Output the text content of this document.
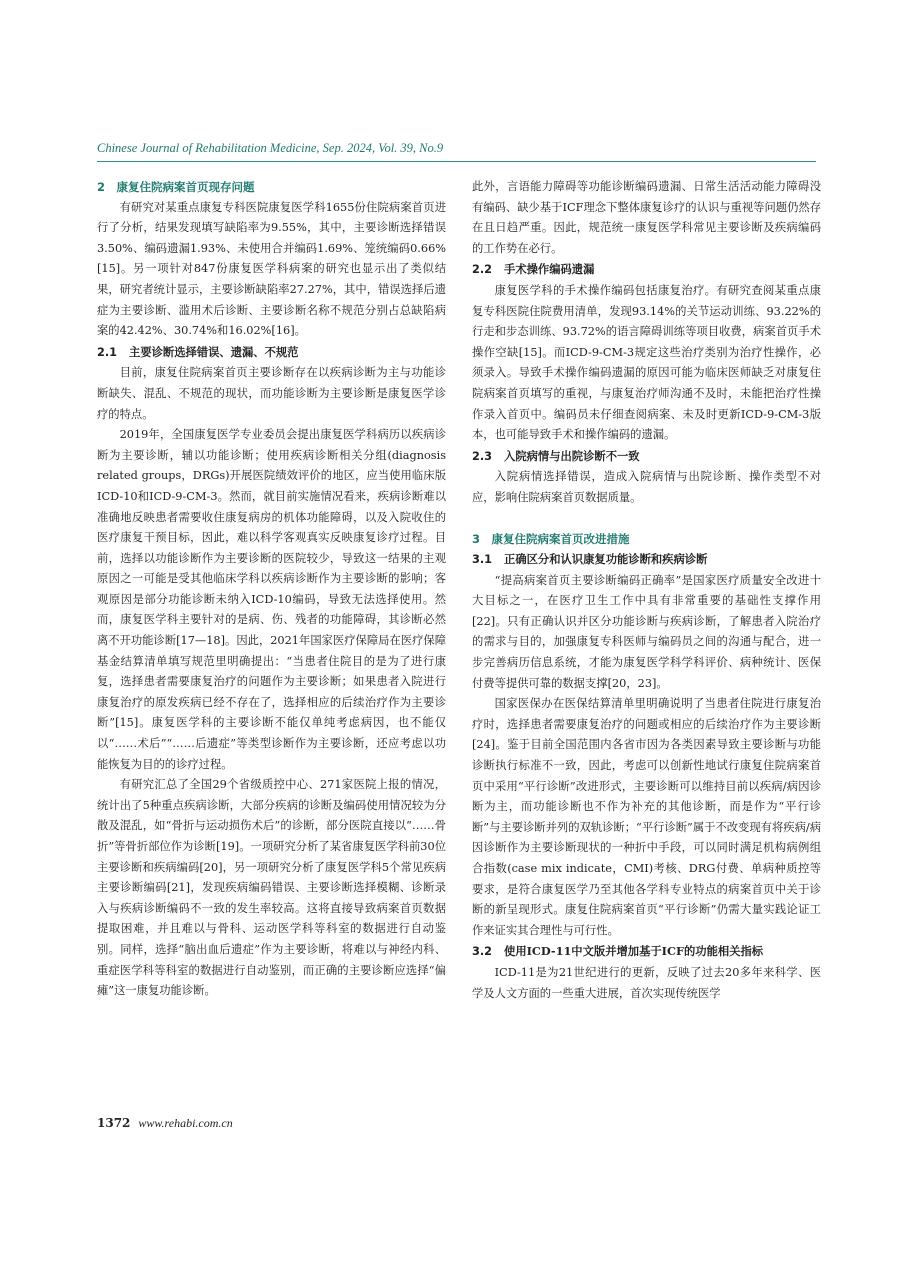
Chinese Journal of Rehabilitation Medicine, Sep. 2024, Vol. 39, No.9
2　康复住院病案首页现存问题

有研究对某重点康复专科医院康复医学科1655份住院病案首页进行了分析，结果发现填写缺陷率为9.55%，其中，主要诊断选择错误3.50%、编码遗漏1.93%、未使用合并编码1.69%、笼统编码0.66%[15]。另一项针对847份康复医学科病案的研究也显示出了类似结果，研究者统计显示，主要诊断缺陷率27.27%，其中，错误选择后遗症为主要诊断、滥用术后诊断、主要诊断名称不规范分别占总缺陷病案的42.42%、30.74%和16.02%[16]。

2.1 主要诊断选择错误、遗漏、不规范

目前，康复住院病案首页主要诊断存在以疾病诊断为主与功能诊断缺失、混乱、不规范的现状，而功能诊断为主要诊断是康复医学诊疗的特点。

2019年，全国康复医学专业委员会提出康复医学科病历以疾病诊断为主要诊断，辅以功能诊断；使用疾病诊断相关分组(diagnosis related groups，DRGs)开展医院绩效评价的地区，应当使用临床版ICD-10和ICD-9-CM-3。然而，就目前实施情况看来，疾病诊断难以准确地反映患者需要收住康复病房的机体功能障碍，以及入院收住的医疗康复干预目标，因此，难以科学客观真实反映康复诊疗过程。目前，选择以功能诊断作为主要诊断的医院较少，导致这一结果的主观原因之一可能是受其他临床学科以疾病诊断作为主要诊断的影响；客观原因是部分功能诊断未纳入ICD-10编码，导致无法选择使用。然而，康复医学科主要针对的是病、伤、残者的功能障碍，其诊断必然离不开功能诊断[17—18]。因此，2021年国家医疗保障局在医疗保障基金结算清单填写规范里明确提出：“当患者住院目的是为了进行康复，选择患者需要康复治疗的问题作为主要诊断；如果患者入院进行康复治疗的原发疾病已经不存在了，选择相应的后续治疗作为主要诊断”[15]。康复医学科的主要诊断不能仅单纯考虑病因，也不能仅以“……术后”“……后遗症”等类型诊断作为主要诊断，还应考虑以功能恢复为目的的诊疗过程。

有研究汇总了全国29个省级质控中心、271家医院上报的情况，统计出了5种重点疾病诊断，大部分疾病的诊断及编码使用情况较为分散及混乱，如“骨折与运动损伤术后”的诊断，部分医院直接以“……骨折”等骨折部位作为诊断[19]。一项研究分析了某省康复医学科前30位主要诊断和疾病编码[20]，另一项研究分析了康复医学科5个常见疾病主要诊断编码[21]，发现疾病编码错误、主要诊断选择模糊、诊断录入与疾病诊断编码不一致的发生率较高。这将直接导致病案首页数据提取困难，并且难以与骨科、运动医学科等科室的数据进行自动鉴别。同样，选择“脑出血后遗症”作为主要诊断，将难以与神经内科、重症医学科等科室的数据进行自动鉴别，而正确的主要诊断应选择“偏瘫”这一康复功能诊断。

此外，言语能力障碍等功能诊断编码遗漏、日常生活活动能力障碍没有编码、缺少基于ICF理念下整体康复诊疗的认识与重视等问题仍然存在且日趋严重。因此，规范统一康复医学科常见主要诊断及疾病编码的工作势在必行。

2.2 手术操作编码遗漏

康复医学科的手术操作编码包括康复治疗。有研究查阅某重点康复专科医院住院费用清单，发现93.14%的关节运动训练、93.22%的行走和步态训练、93.72%的语言障碍训练等项目收费，病案首页手术操作空缺[15]。而ICD-9-CM-3规定这些治疗类别为治疗性操作，必须录入。导致手术操作编码遗漏的原因可能为临床医师缺乏对康复住院病案首页填写的重视，与康复治疗师沟通不及时，未能把治疗性操作录入首页中。编码员未仔细查阅病案、未及时更新ICD-9-CM-3版本，也可能导致手术和操作编码的遗漏。

2.3 入院病情与出院诊断不一致

入院病情选择错误，造成入院病情与出院诊断、操作类型不对应，影响住院病案首页数据质量。

3　康复住院病案首页改进措施
3.1 正确区分和认识康复功能诊断和疾病诊断

“提高病案首页主要诊断编码正确率”是国家医疗质量安全改进十大目标之一，在医疗卫生工作中具有非常重要的基础性支撑作用[22]。只有正确认识并区分功能诊断与疾病诊断，了解患者入院治疗的需求与目的，加强康复专科医师与编码员之间的沟通与配合，进一步完善病历信息系统，才能为康复医学科学科评价、病种统计、医保付费等提供可靠的数据支撑[20，23]。

国家医保办在医保结算清单里明确说明了当患者住院进行康复治疗时，选择患者需要康复治疗的问题或相应的后续治疗作为主要诊断[24]。鉴于目前全国范围内各省市因为各类因素导致主要诊断与功能诊断执行标准不一致，因此，考虑可以创新性地试行康复住院病案首页中采用“平行诊断”改进形式，主要诊断可以维持目前以疾病/病因诊断为主，而功能诊断也不作为补充的其他诊断，而是作为“平行诊断”与主要诊断并列的双轨诊断；“平行诊断”属于不改变现有将疾病/病因诊断作为主要诊断现状的一种折中手段，可以同时满足机构病例组合指数(case mix indicate，CMI)考核、DRG付费、单病种质控等要求，是符合康复医学乃至其他各学科专业特点的病案首页中关于诊断的新呈现形式。康复住院病案首页“平行诊断”仍需大量实践论证工作来证实其合理性与可行性。

3.2 使用ICD-11中文版并增加基于ICF的功能相关指标

ICD-11是为21世纪进行的更新，反映了过去20多年来科学、医学及人文方面的一些重大进展，首次实现传统医学

1372 www.rehabi.com.cn
